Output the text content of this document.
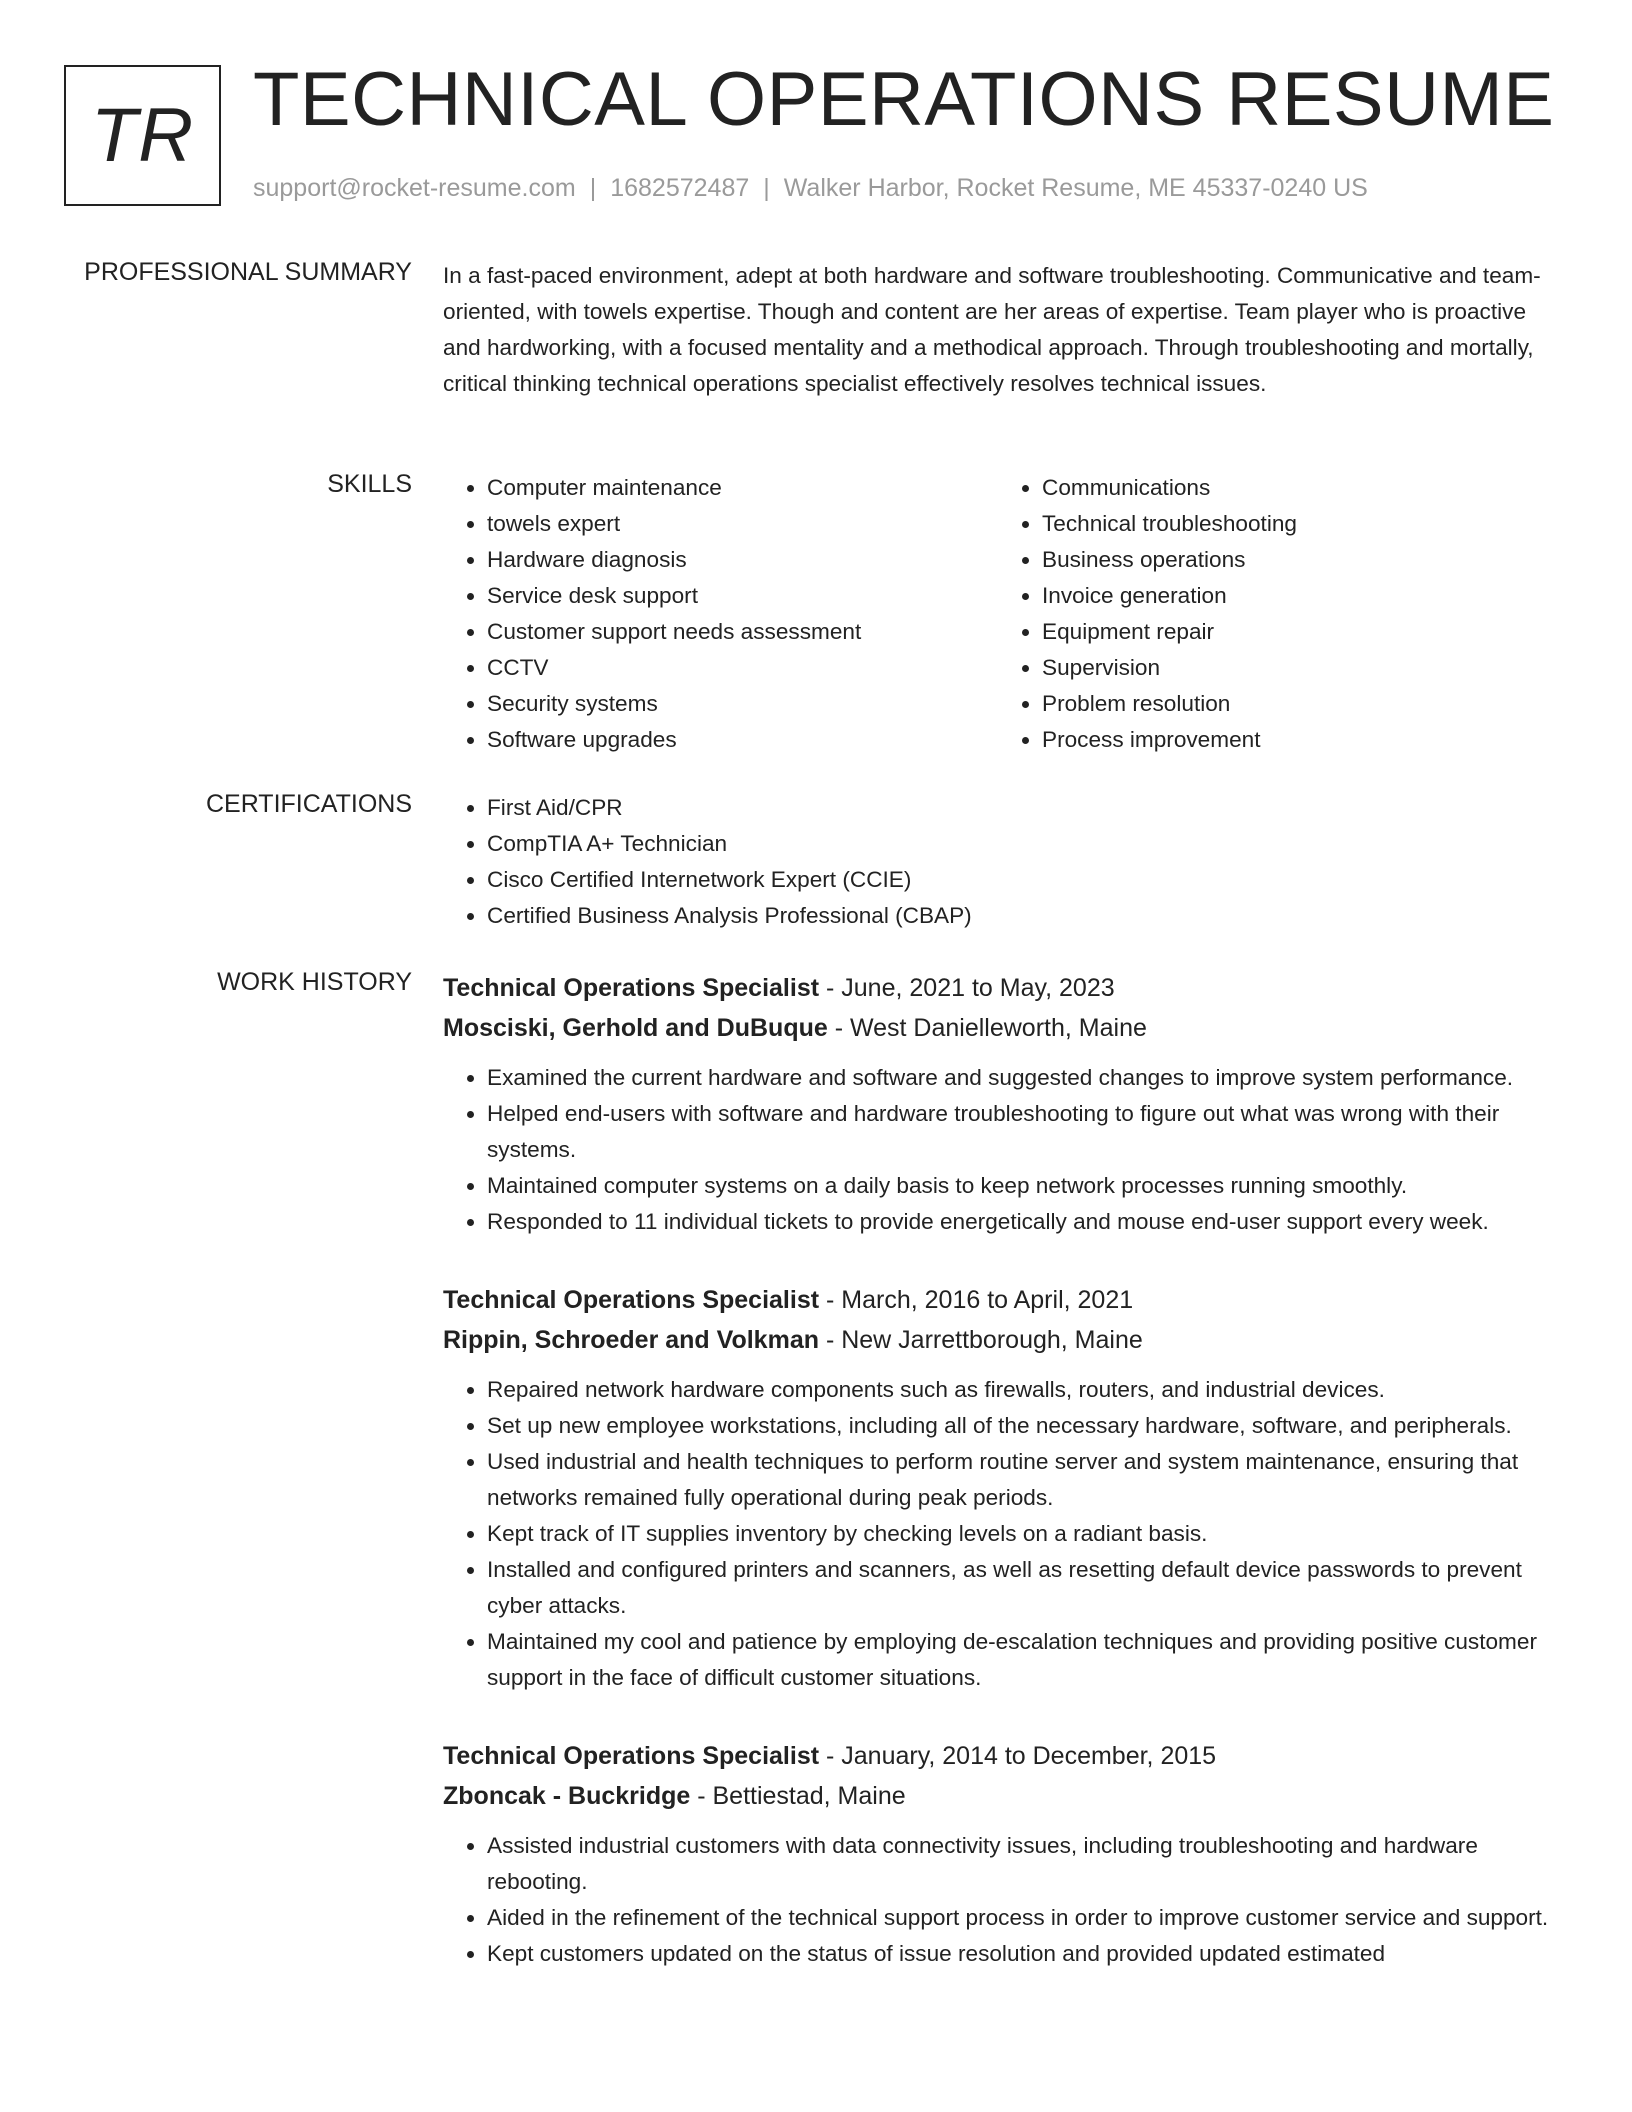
TR TECHNICAL OPERATIONS RESUME
support@rocket-resume.com | 1682572487 | Walker Harbor, Rocket Resume, ME 45337-0240 US
PROFESSIONAL SUMMARY In a fast-paced environment, adept at both hardware and software troubleshooting. Communicative and team-oriented, with towels expertise. Though and content are her areas of expertise. Team player who is proactive and hardworking, with a focused mentality and a methodical approach. Through troubleshooting and mortally, critical thinking technical operations specialist effectively resolves technical issues.

SKILLS	• Computer maintenance
• towels expert
• Hardware diagnosis
• Service desk support
• Customer support needs assessment
• CCTV
• Security systems
• Software upgrades
• Communications
• Technical troubleshooting
• Business operations
• Invoice generation
• Equipment repair
• Supervision
• Problem resolution
• Process improvement
CERTIFICATIONS	• First Aid/CPR
• CompTIA A+ Technician
• Cisco Certified Internetwork Expert (CCIE)
• Certified Business Analysis Professional (CBAP)
WORK HISTORY Technical Operations Specialist - June, 2021 to May, 2023
Mosciski, Gerhold and DuBuque - West Danielleworth, Maine
• Examined the current hardware and software and suggested changes to improve system performance.
• Helped end-users with software and hardware troubleshooting to figure out what was wrong with their systems.
• Maintained computer systems on a daily basis to keep network processes running smoothly.
• Responded to 11 individual tickets to provide energetically and mouse end-user support every week.
Technical Operations Specialist - March, 2016 to April, 2021
Rippin, Schroeder and Volkman - New Jarrettborough, Maine
• Repaired network hardware components such as firewalls, routers, and industrial devices.
• Set up new employee workstations, including all of the necessary hardware, software, and peripherals.
• Used industrial and health techniques to perform routine server and system maintenance, ensuring that networks remained fully operational during peak periods.
• Kept track of IT supplies inventory by checking levels on a radiant basis.
• Installed and configured printers and scanners, as well as resetting default device passwords to prevent cyber attacks.
• Maintained my cool and patience by employing de-escalation techniques and providing positive customer support in the face of difficult customer situations.
Technical Operations Specialist - January, 2014 to December, 2015
Zboncak - Buckridge - Bettiestad, Maine
• Assisted industrial customers with data connectivity issues, including troubleshooting and hardware rebooting.
• Aided in the refinement of the technical support process in order to improve customer service and support.
• Kept customers updated on the status of issue resolution and provided updated estimated
